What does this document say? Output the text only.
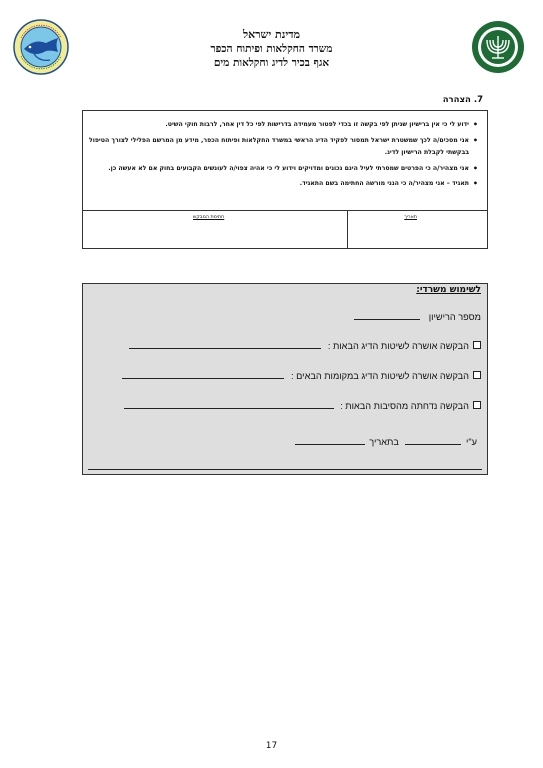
מדינת ישראל
משרד החקלאות ופיתוח הכפר
אגף בכיר לדיג וחקלאות מים
7. הצהרה
• ידוע לי כי אין ברישיון שניתן לפי בקשה זו בכדי לפטור מעמידה בדרישות לפי כל דין אחר, לרבות חוקי השיט.
• אני מסכים/ה לכך שמשטרת ישראל תמסור לפקיד הדיג הראשי במשרד החקלאות ופיתוח הכפר, מידע מן המרשם הפלילי לצורך הטיפול בבקשתי לקבלת הרישיון לדיג.
• אני מצהיר/ה כי הפרטים שמסרתי לעיל הינם נכונים ומדויקים וידוע לי כי אהיה צפוי/ה לעונשים הקבועים בחוק אם לא אעשה כן.
• תאגיד – אני מצהיר/ה כי הנני מורשה החתימה בשם התאגיד.
תאריך
חתימת המבקש
לשימוש משרדי:
מספר הרישיון
הבקשה אושרה לשיטות הדיג הבאות :
הבקשה אושרה לשיטות הדיג במקומות הבאים :
הבקשה נדחתה מהסיבות הבאות :
ע"י  בתאריך
17
